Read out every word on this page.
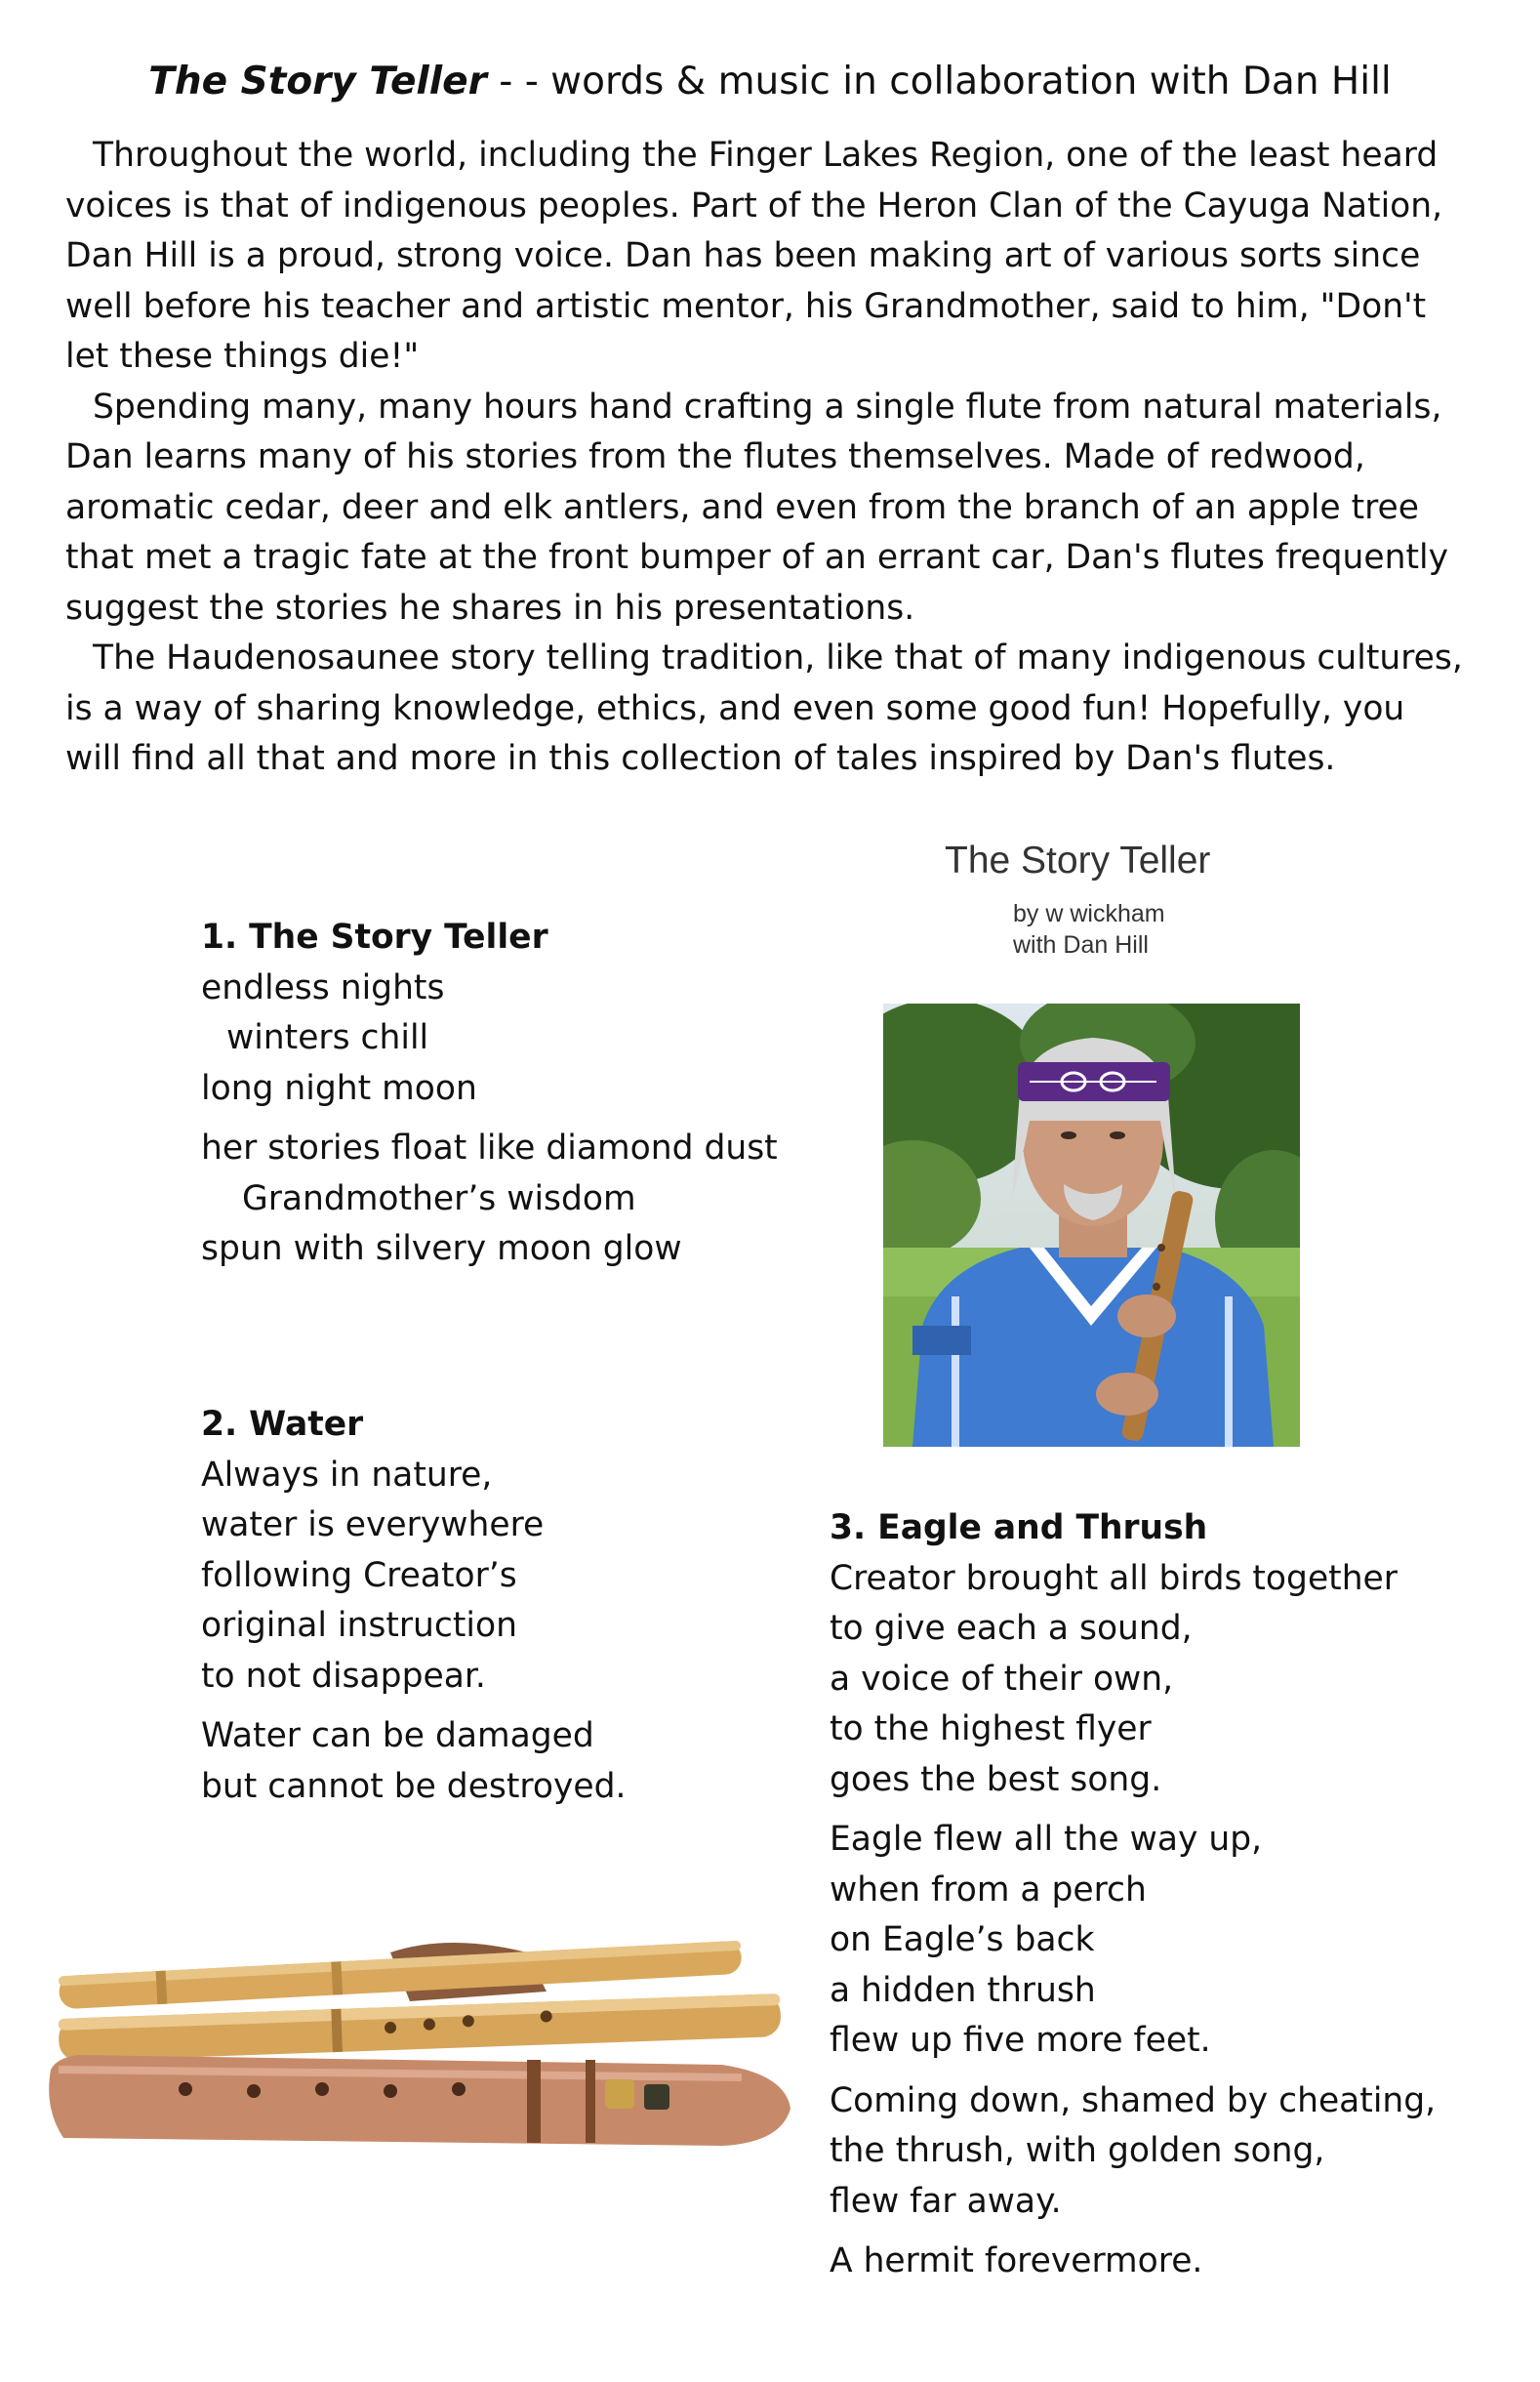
The Story Teller - - words & music in collaboration with Dan Hill

Throughout the world, including the Finger Lakes Region, one of the least heard voices is that of indigenous peoples. Part of the Heron Clan of the Cayuga Nation, Dan Hill is a proud, strong voice. Dan has been making art of various sorts since well before his teacher and artistic mentor, his Grandmother, said to him, "Don't let these things die!"

Spending many, many hours hand crafting a single flute from natural materials, Dan learns many of his stories from the flutes themselves. Made of redwood, aromatic cedar, deer and elk antlers, and even from the branch of an apple tree that met a tragic fate at the front bumper of an errant car, Dan's flutes frequently suggest the stories he shares in his presentations.

The Haudenosaunee story telling tradition, like that of many indigenous cultures, is a way of sharing knowledge, ethics, and even some good fun! Hopefully, you will find all that and more in this collection of tales inspired by Dan's flutes.

1. The Story Teller
endless nights
winters chill
long night moon
her stories float like diamond dust
Grandmother’s wisdom
spun with silvery moon glow
2. Water
Always in nature,
water is everywhere
following Creator’s
original instruction
to not disappear.
Water can be damaged
but cannot be destroyed.
3. Eagle and Thrush
Creator brought all birds together
to give each a sound,
a voice of their own,
to the highest flyer
goes the best song.
Eagle flew all the way up,
when from a perch
on Eagle’s back
a hidden thrush
flew up five more feet.
Coming down, shamed by cheating,
the thrush, with golden song,
flew far away.
A hermit forevermore.
The Story Teller
by w wickham
with Dan Hill
